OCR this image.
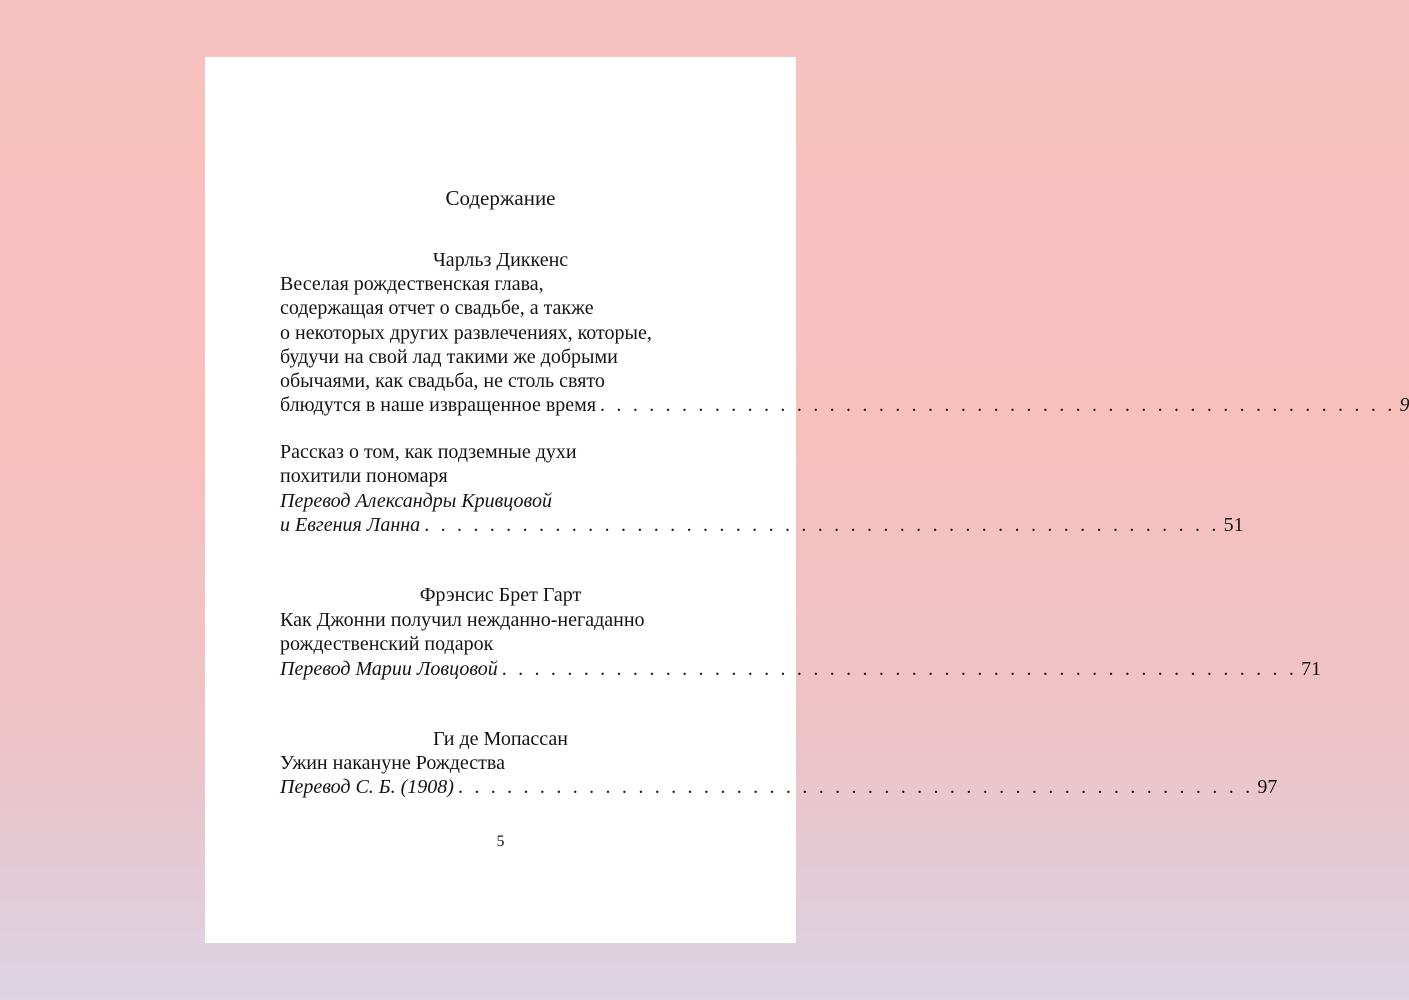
Содержание
Чарльз Диккенс
Веселая рождественская глава,
содержащая отчет о свадьбе, а также
о некоторых других развлечениях, которые,
будучи на свой лад такими же добрыми
обычаями, как свадьба, не столь свято
блюдутся в наше извращенное время . . . . . . . . . . . . . . . . . . . . . . . . . . . . . . . . . . . . . . . . . . . . . . . . . 9
Рассказ о том, как подземные духи
похитили пономаря
Перевод Александры Кривцовой
и Евгения Ланна . . . . . . . . . . . . . . . . . . . . . . . . . . . . . . . . . . . . . . . . . . . . . . . . . 51
Фрэнсис Брет Гарт
Как Джонни получил нежданно-негаданно
рождественский подарок
Перевод Марии Ловцовой . . . . . . . . . . . . . . . . . . . . . . . . . . . . . . . . . . . . . . . . . . . . . . . . . 71
Ги де Мопассан
Ужин накануне Рождества
Перевод С. Б. (1908) . . . . . . . . . . . . . . . . . . . . . . . . . . . . . . . . . . . . . . . . . . . . . . . . . 97
5
